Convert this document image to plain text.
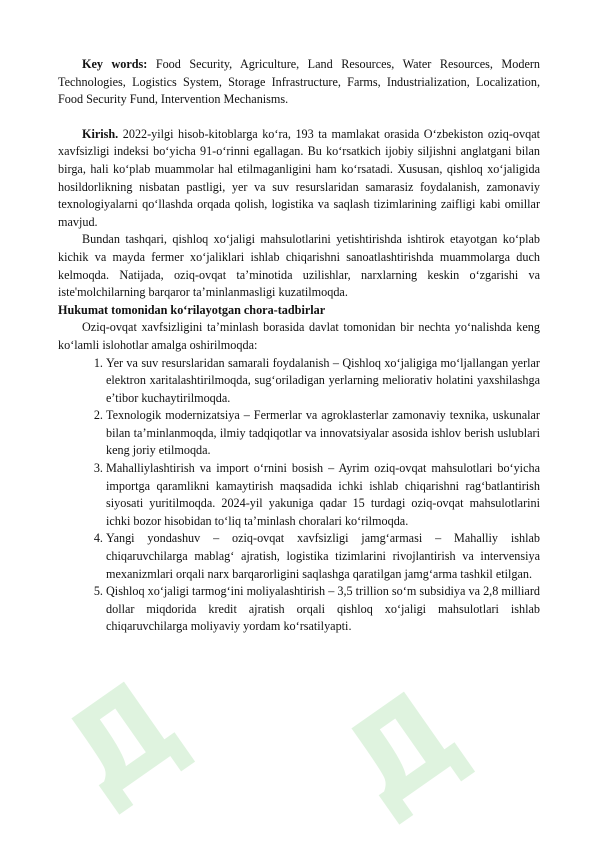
Д Д

Key words: Food Security, Agriculture, Land Resources, Water Resources, Modern Technologies, Logistics System, Storage Infrastructure, Farms, Industrialization, Localization, Food Security Fund, Intervention Mechanisms.

Kirish. 2022-yilgi hisob-kitoblarga ko‘ra, 193 ta mamlakat orasida O‘zbekiston oziq-ovqat xavfsizligi indeksi bo‘yicha 91-o‘rinni egallagan. Bu ko‘rsatkich ijobiy siljishni anglatgani bilan birga, hali ko‘plab muammolar hal etilmaganligini ham ko‘rsatadi. Xususan, qishloq xo‘jaligida hosildorlikning nisbatan pastligi, yer va suv resurslaridan samarasiz foydalanish, zamonaviy texnologiyalarni qo‘llashda orqada qolish, logistika va saqlash tizimlarining zaifligi kabi omillar mavjud.

Bundan tashqari, qishloq xo‘jaligi mahsulotlarini yetishtirishda ishtirok etayotgan ko‘plab kichik va mayda fermer xo‘jaliklari ishlab chiqarishni sanoatlashtirishda muammolarga duch kelmoqda. Natijada, oziq-ovqat ta’minotida uzilishlar, narxlarning keskin o‘zgarishi va iste'molchilarning barqaror ta’minlanmasligi kuzatilmoqda.

Hukumat tomonidan ko‘rilayotgan chora-tadbirlar

Oziq-ovqat xavfsizligini ta’minlash borasida davlat tomonidan bir nechta yo‘nalishda keng ko‘lamli islohotlar amalga oshirilmoqda:

1. Yer va suv resurslaridan samarali foydalanish – Qishloq xo‘jaligiga mo‘ljallangan yerlar elektron xaritalashtirilmoqda, sug‘oriladigan yerlarning meliorativ holatini yaxshilashga e’tibor kuchaytirilmoqda.
2. Texnologik modernizatsiya – Fermerlar va agroklasterlar zamonaviy texnika, uskunalar bilan ta’minlanmoqda, ilmiy tadqiqotlar va innovatsiyalar asosida ishlov berish uslublari keng joriy etilmoqda.
3. Mahalliylashtirish va import o‘rnini bosish – Ayrim oziq-ovqat mahsulotlari bo‘yicha importga qaramlikni kamaytirish maqsadida ichki ishlab chiqarishni rag‘batlantirish siyosati yuritilmoqda. 2024-yil yakuniga qadar 15 turdagi oziq-ovqat mahsulotlarini ichki bozor hisobidan to‘liq ta’minlash choralari ko‘rilmoqda.
4. Yangi yondashuv – oziq-ovqat xavfsizligi jamg‘armasi – Mahalliy ishlab chiqaruvchilarga mablag‘ ajratish, logistika tizimlarini rivojlantirish va intervensiya mexanizmlari orqali narx barqarorligini saqlashga qaratilgan jamg‘arma tashkil etilgan.
5. Qishloq xo‘jaligi tarmog‘ini moliyalashtirish – 3,5 trillion so‘m subsidiya va 2,8 milliard dollar miqdorida kredit ajratish orqali qishloq xo‘jaligi mahsulotlari ishlab chiqaruvchilarga moliyaviy yordam ko‘rsatilyapti.
